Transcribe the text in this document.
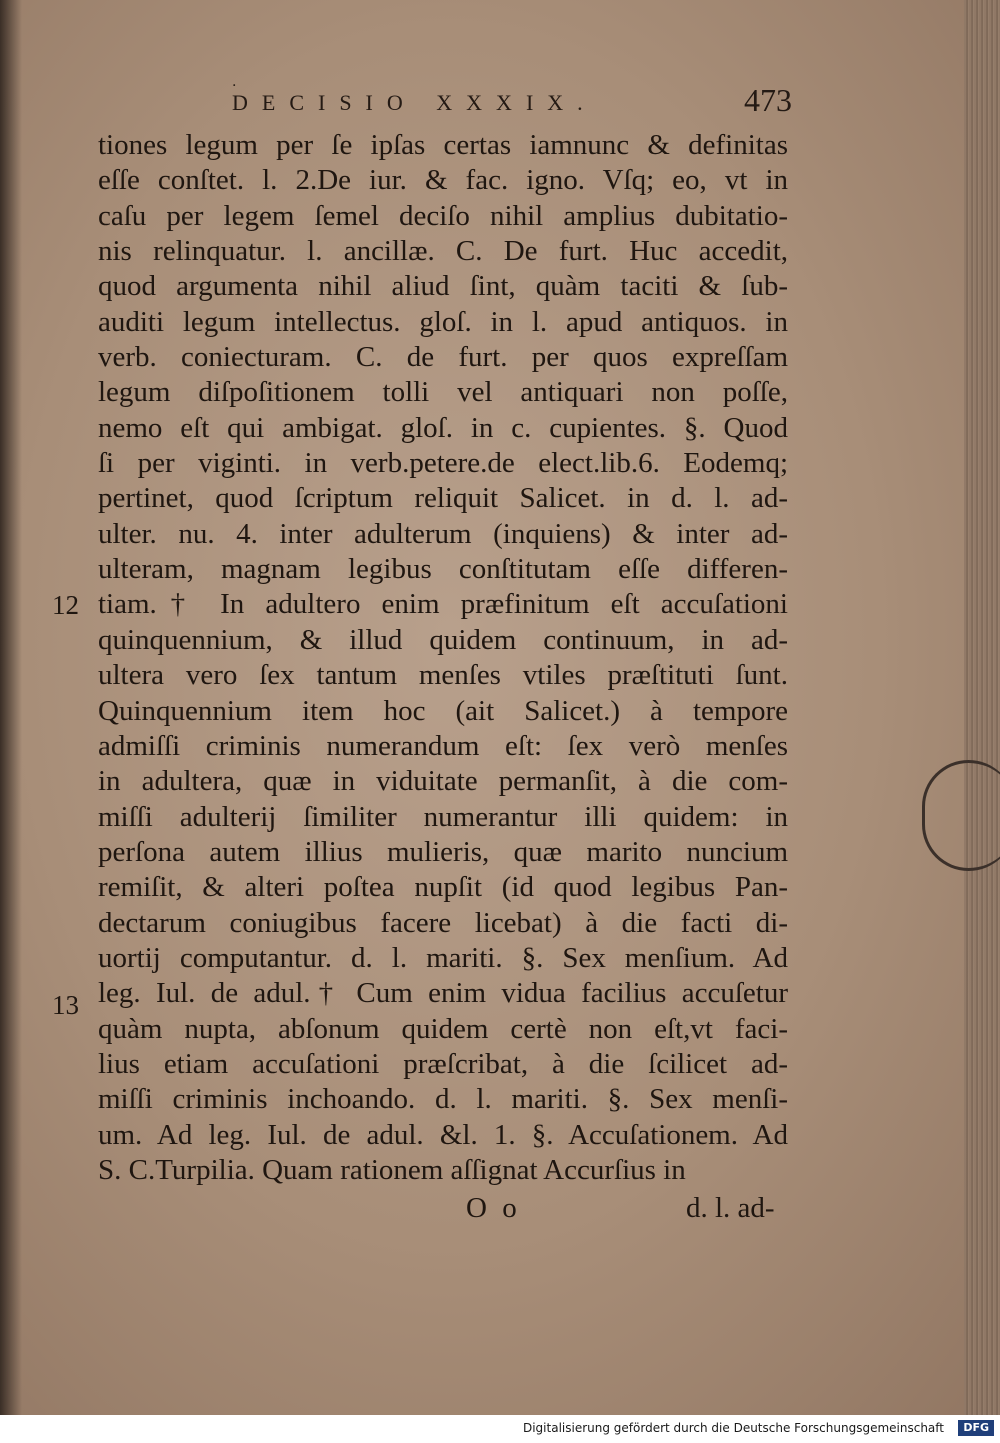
·
DECISIO XXXIX.	473
12
13
tiones legum per ſe ipſas certas iamnunc & definitas
eſſe conſtet. l. 2.De iur. & fac. igno. Vſq; eo, vt in
caſu per legem ſemel deciſo nihil amplius dubitatio-
nis relinquatur. l. ancillæ. C. De furt. Huc accedit,
quod argumenta nihil aliud ſint, quàm taciti & ſub-
auditi legum intellectus. gloſ. in l. apud antiquos. in
verb. coniecturam. C. de furt. per quos expreſſam
legum diſpoſitionem tolli vel antiquari non poſſe,
nemo eſt qui ambigat. gloſ. in c. cupientes. §. Quod
ſi per viginti. in verb.petere.de elect.lib.6. Eodemq;
pertinet, quod ſcriptum reliquit Salicet. in d. l. ad-
ulter. nu. 4. inter adulterum (inquiens) & inter ad-
ulteram, magnam legibus conſtitutam eſſe differen-
tiam.† In adultero enim præfinitum eſt accuſationi
quinquennium, & illud quidem continuum, in ad-
ultera vero ſex tantum menſes vtiles præſtituti ſunt.
Quinquennium item hoc (ait Salicet.) à tempore
admiſſi criminis numerandum eſt: ſex verò menſes
in adultera, quæ in viduitate permanſit, à die com-
miſſi adulterij ſimiliter numerantur illi quidem: in
perſona autem illius mulieris, quæ marito nuncium
remiſit, & alteri poſtea nupſit (id quod legibus Pan-
dectarum coniugibus facere licebat) à die facti di-
uortij computantur. d. l. mariti. §. Sex menſium. Ad
leg. Iul. de adul.† Cum enim vidua facilius accuſetur
quàm nupta, abſonum quidem certè non eſt,vt faci-
lius etiam accuſationi præſcribat, à die ſcilicet ad-
miſſi criminis inchoando. d. l. mariti. §. Sex menſi-
um. Ad leg. Iul. de adul. &l. 1. §. Accuſationem. Ad
S. C.Turpilia. Quam rationem aſſignat Accurſius in
O o	d. l. ad-
Digitalisierung gefördert durch die Deutsche Forschungsgemeinschaft	DFG
